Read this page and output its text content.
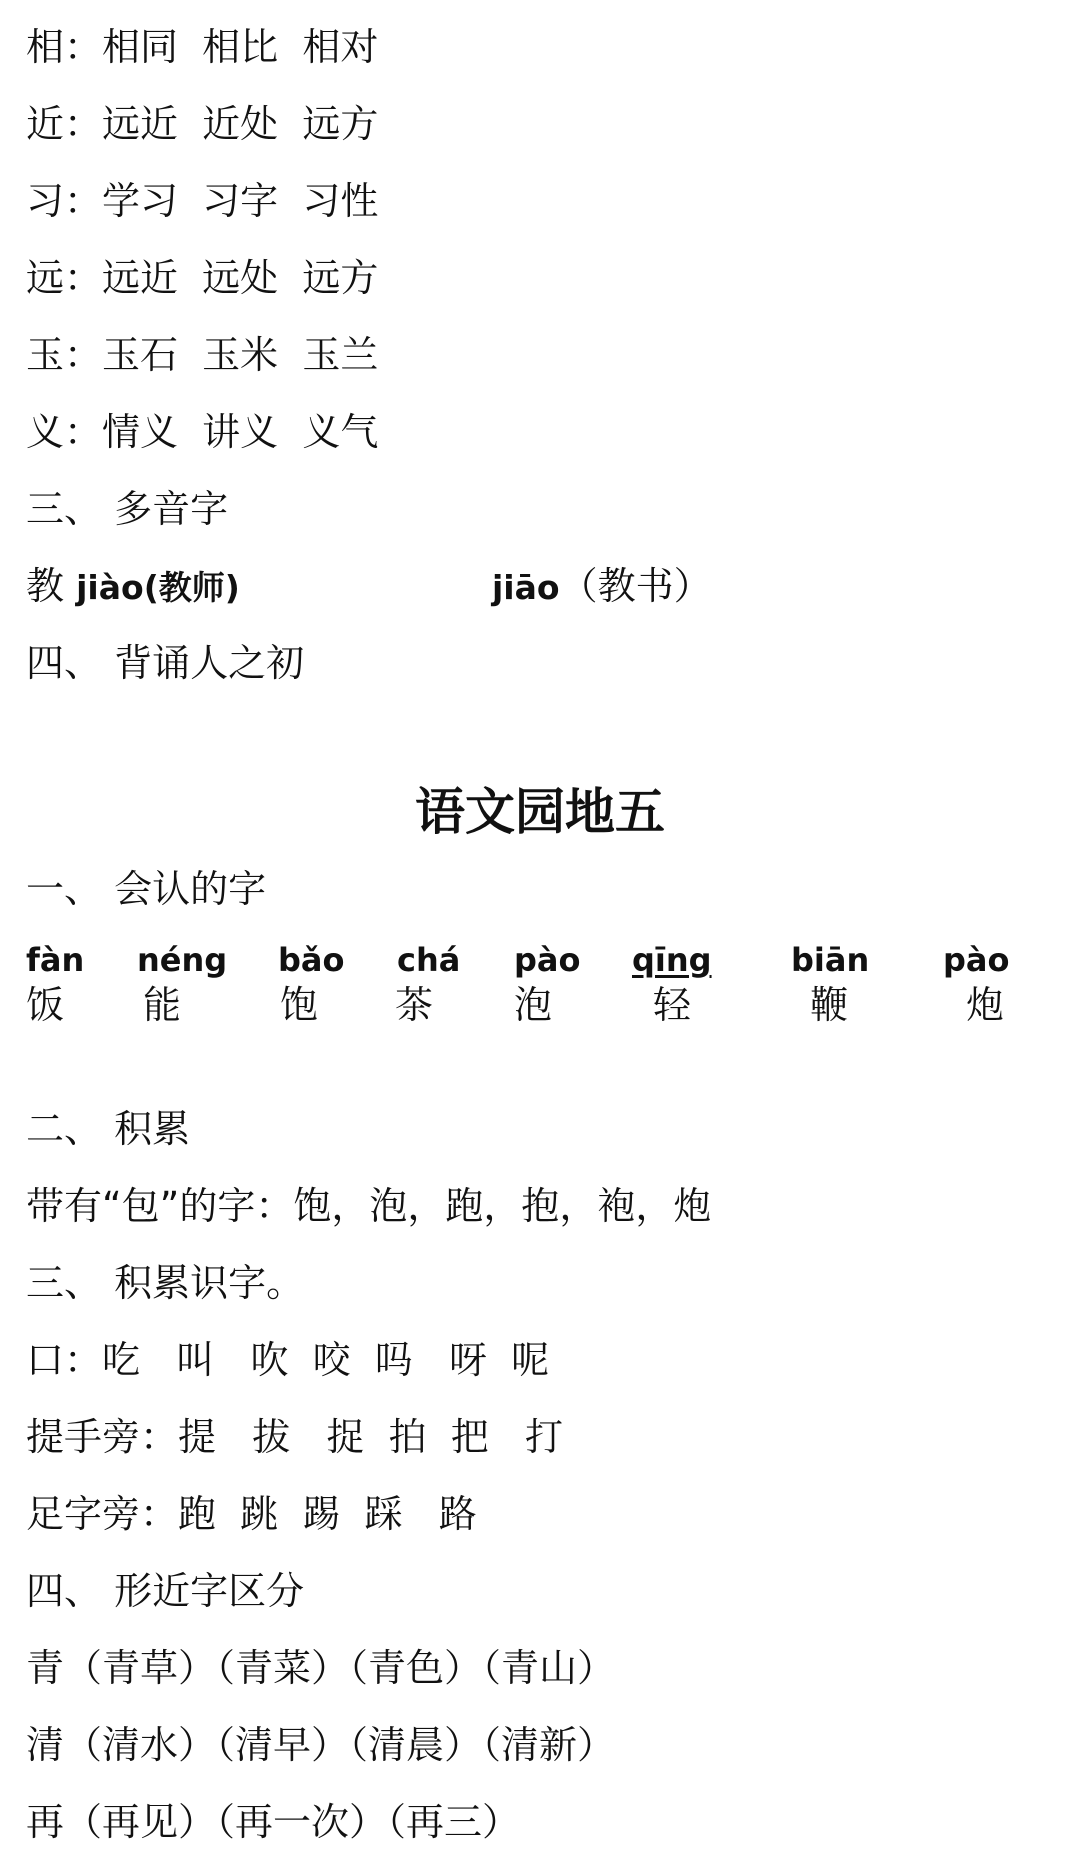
相：相同  相比  相对
近：远近  近处  远方
习：学习  习字  习性
远：远近  远处  远方
玉：玉石  玉米  玉兰
义：情义  讲义  义气
三、 多音字
教 jiào(教师)	jiāo（教书）
四、 背诵人之初
语文园地五
一、 会认的字
fàn néng bǎo chá pào qīng biān pào
饭 能	饱 茶 泡	轻	鞭	炮
二、 积累
带有“包”的字：饱，泡，跑，抱，袍，炮
三、 积累识字。
口：吃   叫   吹  咬  吗   呀  呢
提手旁：提   拔   捉  拍  把   打
足字旁：跑  跳  踢  踩   路
四、 形近字区分
青（青草）（青菜）（青色）（青山）
清（清水）（清早）（清晨）（清新）
再（再见）（再一次）（再三）
